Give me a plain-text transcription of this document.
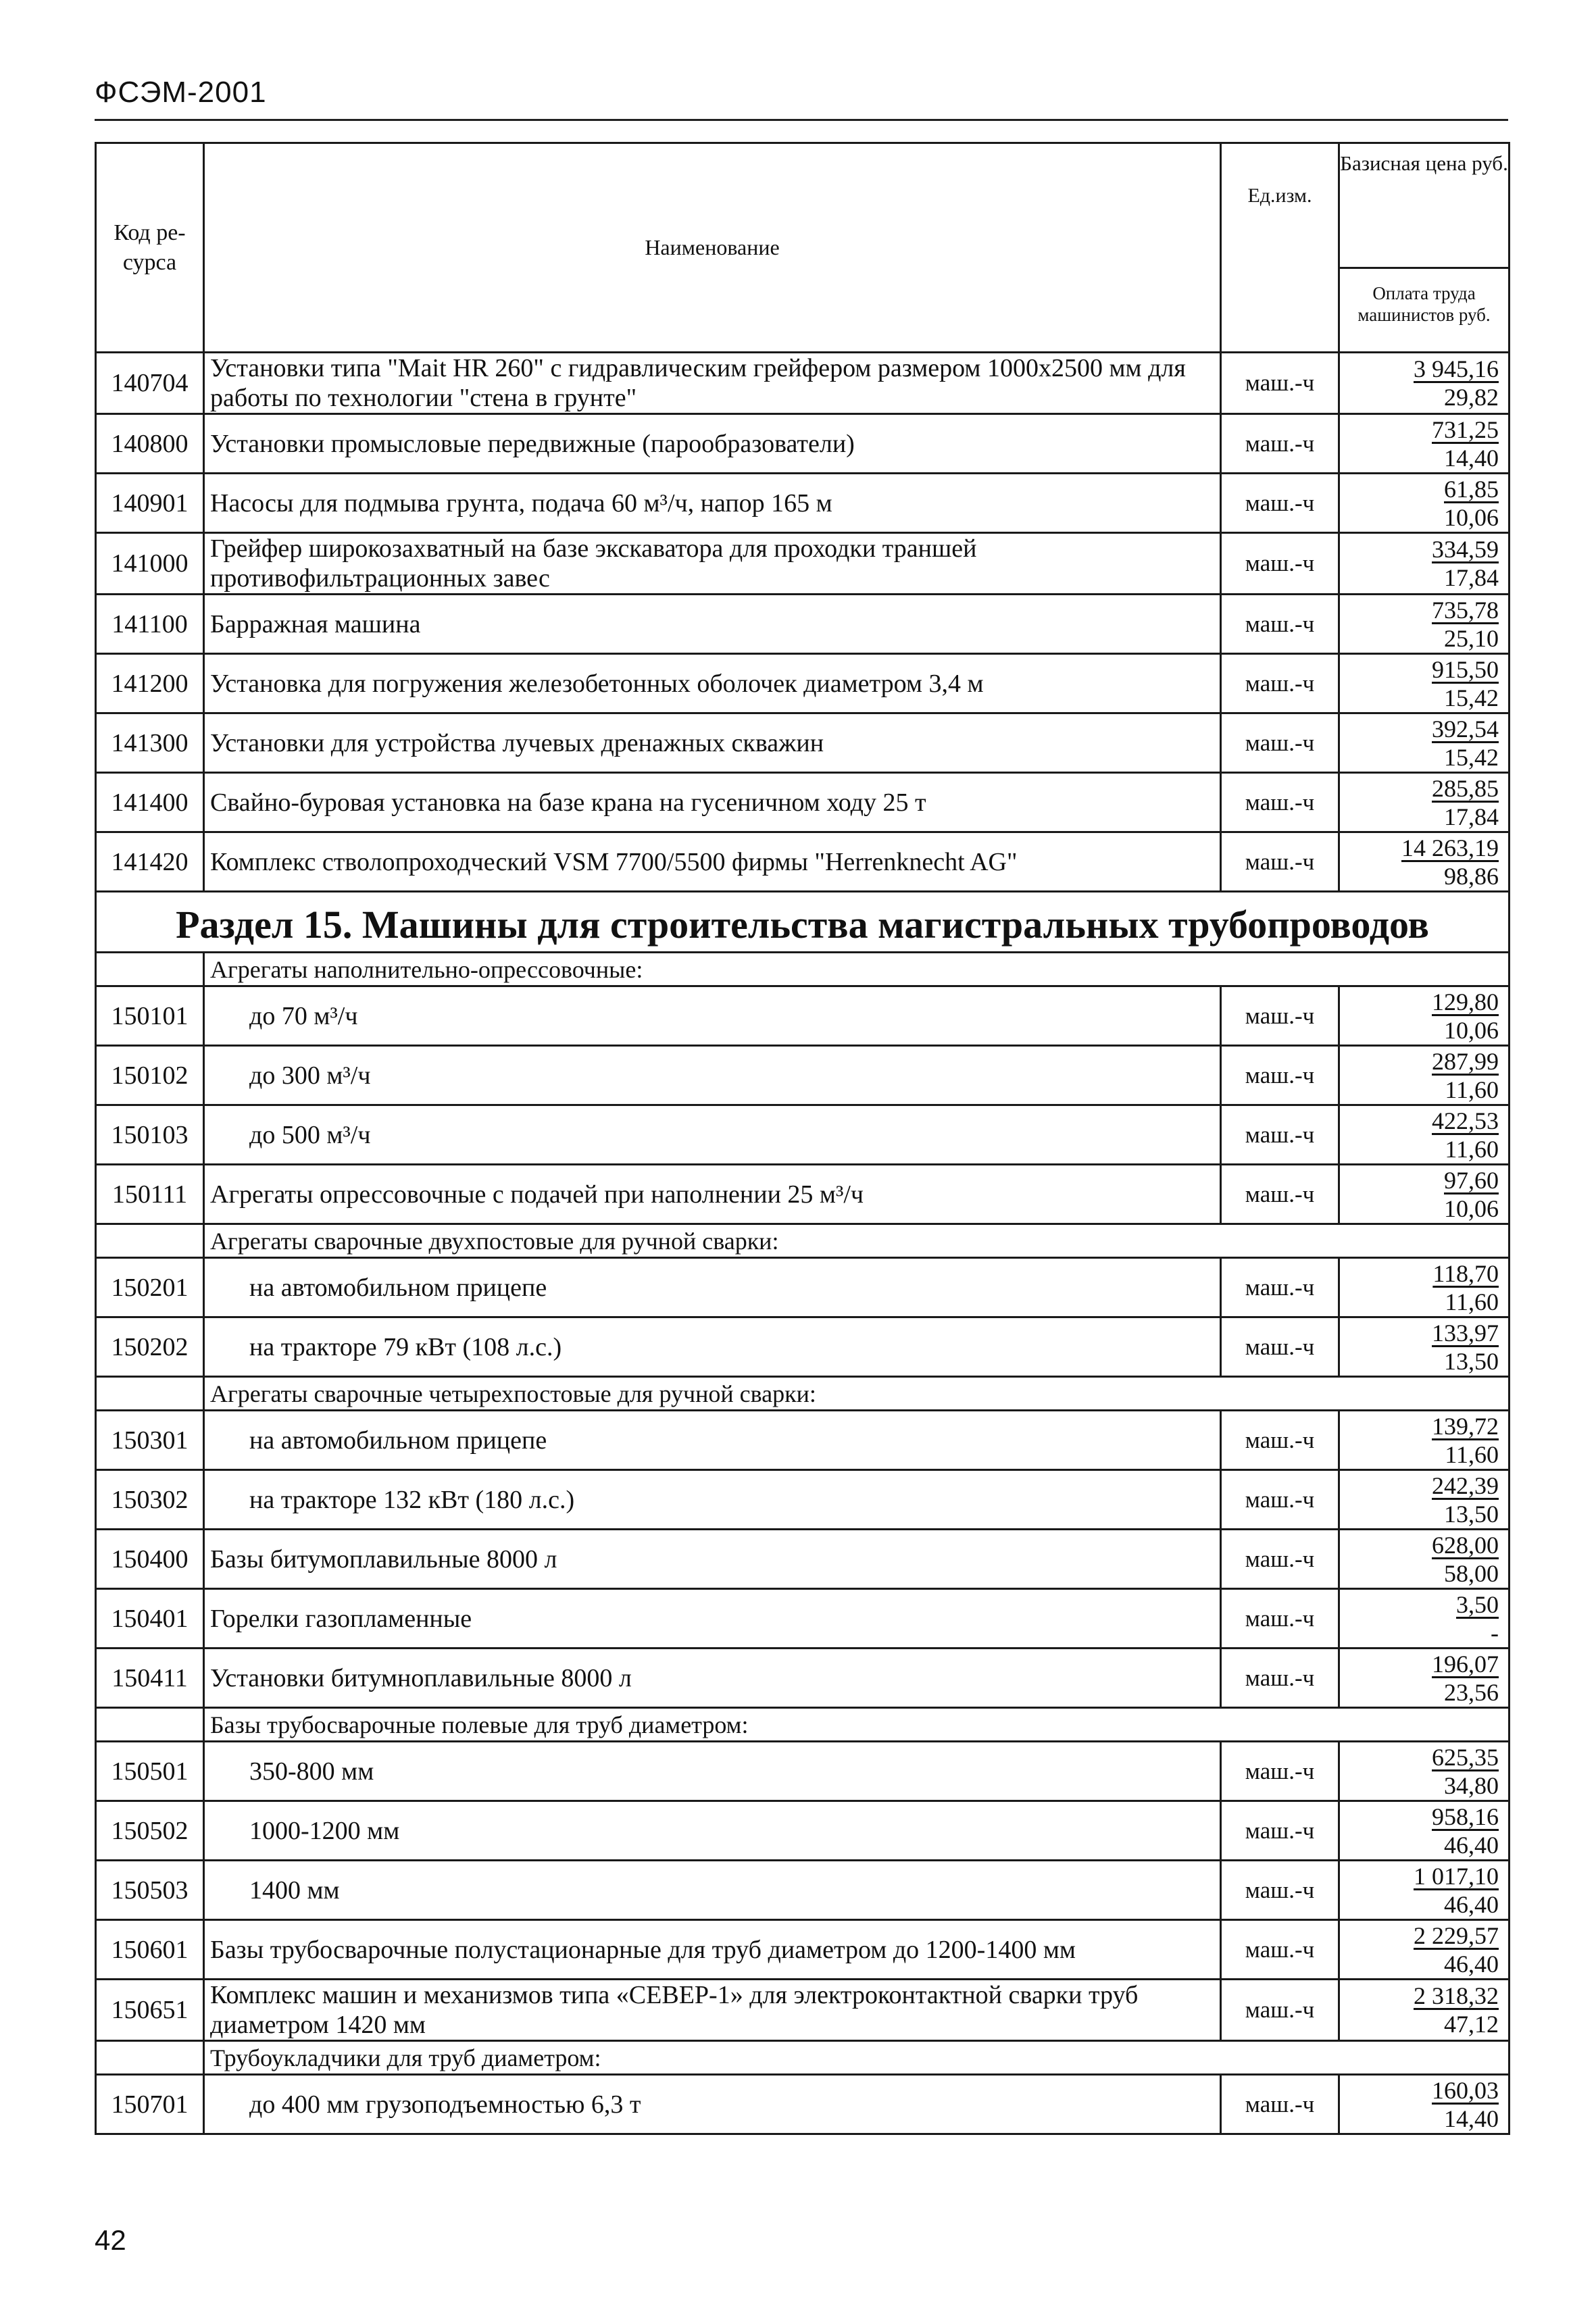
ФСЭМ-2001
Код ре-сурса	Наименование	Ед.изм.	Базисная цена руб.
Оплата труда машинистов руб.

140704	Установки типа "Mait HR 260" с гидравлическим грейфером размером 1000x2500 мм для работы по технологии "стена в грунте"	маш.-ч	3 945,16
29,82

140800	Установки промысловые передвижные (парообразователи)	маш.-ч	731,25
14,40

140901	Насосы для подмыва грунта, подача 60 м³/ч, напор 165 м	маш.-ч	61,85
10,06

141000	Грейфер широкозахватный на базе экскаватора для проходки траншей противофильтрационных завес	маш.-ч	334,59
17,84

141100	Барражная машина	маш.-ч	735,78
25,10

141200	Установка для погружения железобетонных оболочек диаметром 3,4 м	маш.-ч	915,50
15,42

141300	Установки для устройства лучевых дренажных скважин	маш.-ч	392,54
15,42

141400	Свайно-буровая установка на базе крана на гусеничном ходу 25 т	маш.-ч	285,85
17,84

141420	Комплекс стволопроходческий VSM 7700/5500 фирмы "Herrenknecht AG"	маш.-ч	14 263,19
98,86

Раздел 15. Машины для строительства магистральных трубопроводов			
	Агрегаты наполнительно-опрессовочные:		
150101	до 70 м³/ч	маш.-ч	129,80
10,06

150102	до 300 м³/ч	маш.-ч	287,99
11,60

150103	до 500 м³/ч	маш.-ч	422,53
11,60

150111	Агрегаты опрессовочные с подачей при наполнении 25 м³/ч	маш.-ч	97,60
10,06

	Агрегаты сварочные двухпостовые для ручной сварки:		
150201	на автомобильном прицепе	маш.-ч	118,70
11,60

150202	на тракторе 79 кВт (108 л.с.)	маш.-ч	133,97
13,50

	Агрегаты сварочные четырехпостовые для ручной сварки:		
150301	на автомобильном прицепе	маш.-ч	139,72
11,60

150302	на тракторе 132 кВт (180 л.с.)	маш.-ч	242,39
13,50

150400	Базы битумоплавильные 8000 л	маш.-ч	628,00
58,00

150401	Горелки газопламенные	маш.-ч	3,50
-

150411	Установки битумноплавильные 8000 л	маш.-ч	196,07
23,56

	Базы трубосварочные полевые для труб диаметром:		
150501	350-800 мм	маш.-ч	625,35
34,80

150502	1000-1200 мм	маш.-ч	958,16
46,40

150503	1400 мм	маш.-ч	1 017,10
46,40

150601	Базы трубосварочные полустационарные для труб диаметром до 1200-1400 мм	маш.-ч	2 229,57
46,40

150651	Комплекс машин и механизмов типа «СЕВЕР-1» для электроконтактной сварки труб диаметром 1420 мм	маш.-ч	2 318,32
47,12

	Трубоукладчики для труб диаметром:		
150701	до 400 мм грузоподъемностью 6,3 т	маш.-ч	160,03
14,40
42
